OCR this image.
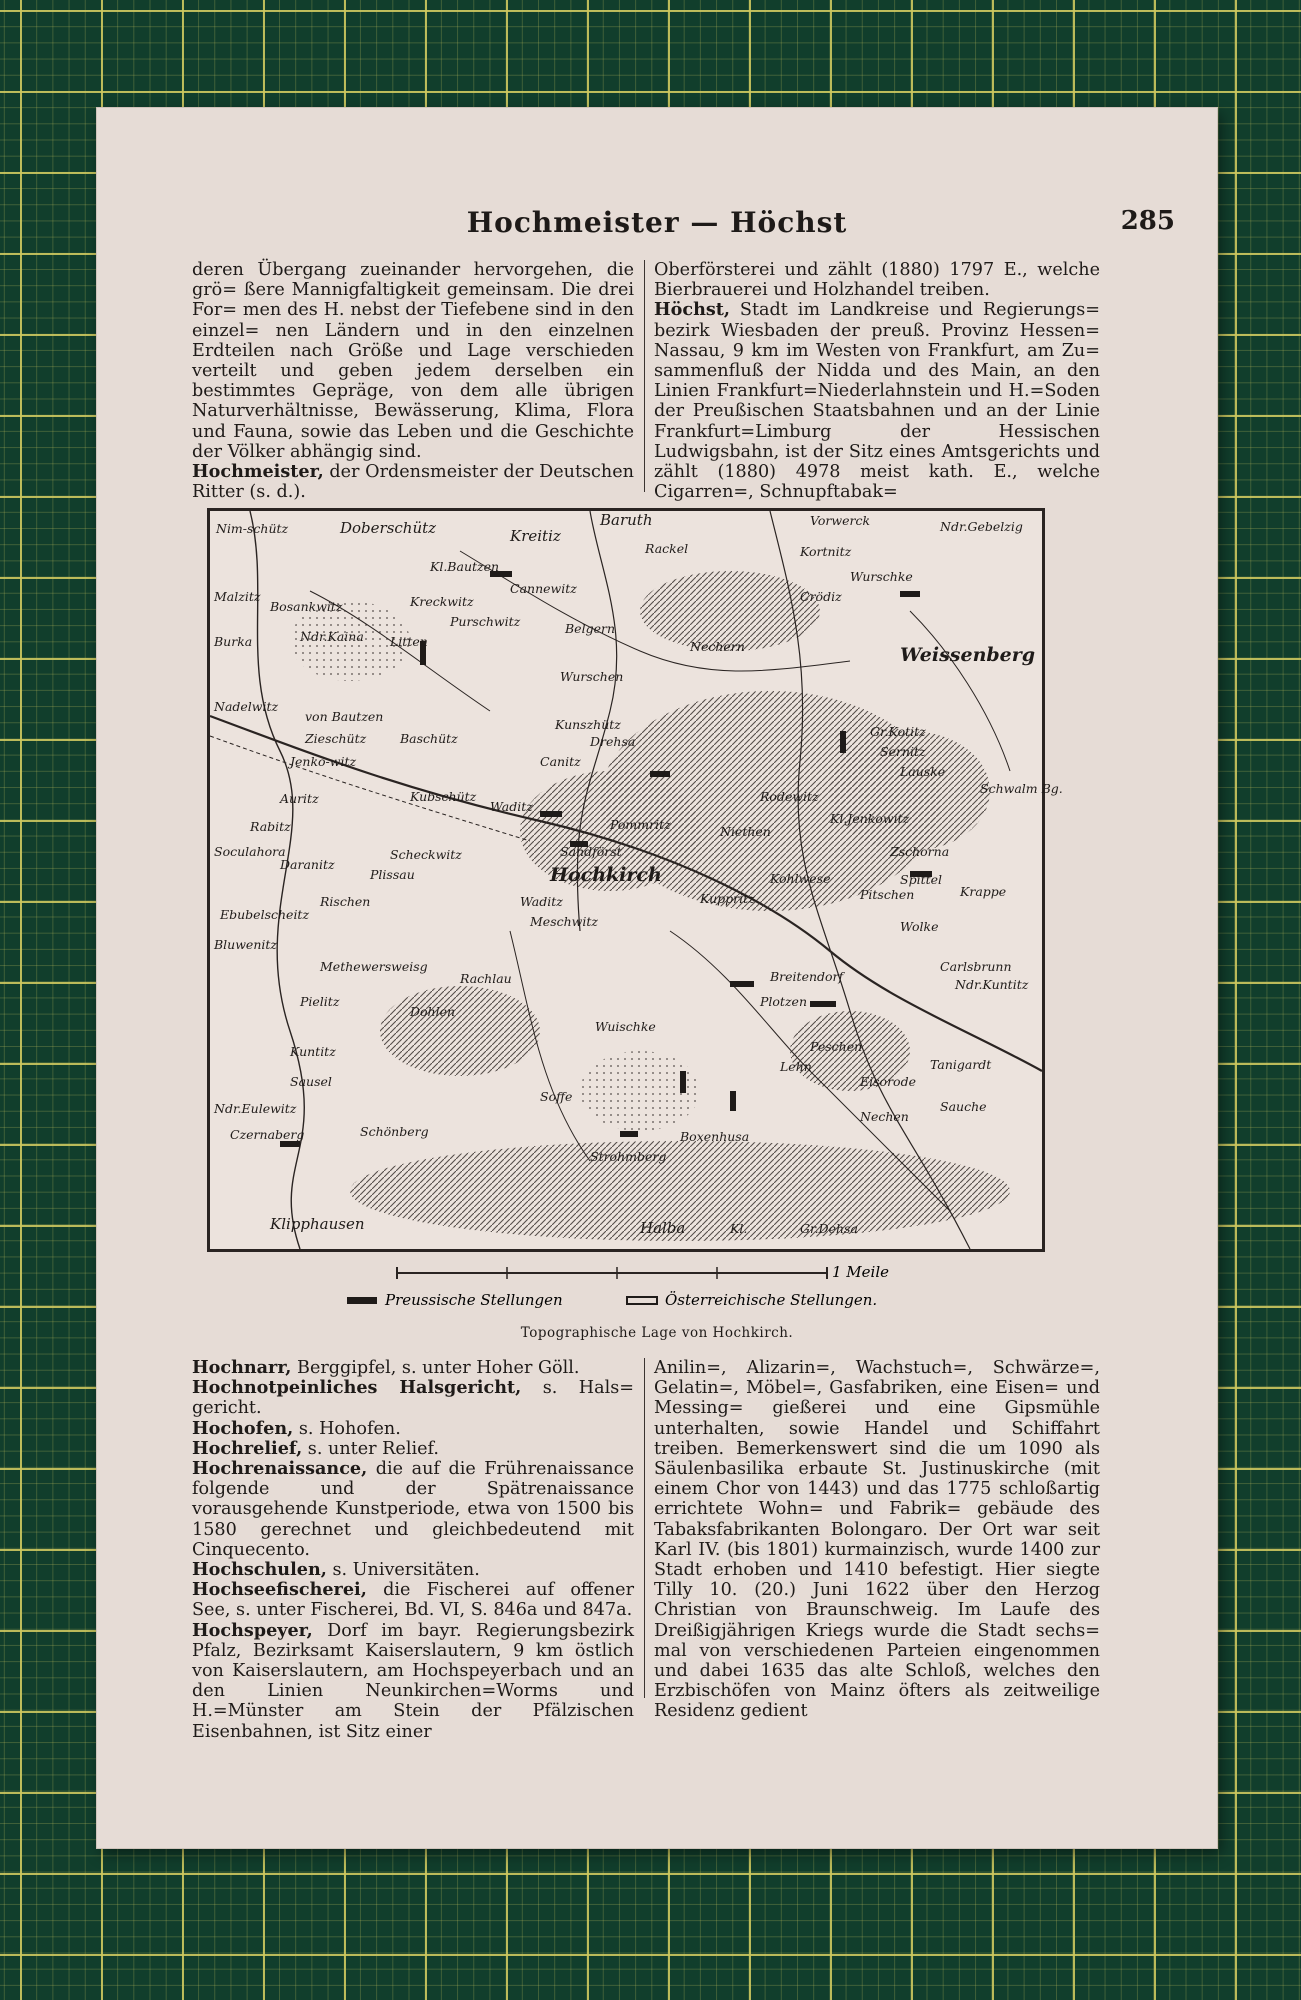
Hochmeister — Höchst	285

deren Übergang zueinander hervorgehen, die grö= ßere Mannigfaltigkeit gemeinsam. Die drei For= men des H. nebst der Tiefebene sind in den einzel= nen Ländern und in den einzelnen Erdteilen nach Größe und Lage verschieden verteilt und geben jedem derselben ein bestimmtes Gepräge, von dem alle übrigen Naturverhältnisse, Bewässerung, Klima, Flora und Fauna, sowie das Leben und die Geschichte der Völker abhängig sind.

Hochmeister, der Ordensmeister der Deutschen Ritter (s. d.).

Oberförsterei und zählt (1880) 1797 E., welche Bierbrauerei und Holzhandel treiben.

Höchst, Stadt im Landkreise und Regierungs= bezirk Wiesbaden der preuß. Provinz Hessen= Nassau, 9 km im Westen von Frankfurt, am Zu= sammenfluß der Nidda und des Main, an den Linien Frankfurt=Niederlahnstein und H.=Soden der Preußischen Staatsbahnen und an der Linie Frankfurt=Limburg der Hessischen Ludwigsbahn, ist der Sitz eines Amtsgerichts und zählt (1880) 4978 meist kath. E., welche Cigarren=, Schnupftabak=

Nim-schütz	Doberschütz	Kreitiz
Baruth	Vorwerck	Ndr.Gebelzig
Kl.Bautzen
Rackel	Kortnitz
Kreckwitz
Cannewitz
Wurschke
Malzitz
Bosankwitz
Purschwitz
Crödiz
Burka	Ndr.Kaina Litten
Belgern
Nechern	Weissenberg
Wurschen
Nadelwitz
von Bautzen
Kunszhütz
Drehsa
Gr.Kotitz
Zieschütz	Baschütz
Jenko-witz	Canitz
Sernitz
Lauske
Auritz	Kubschütz
Waditz
Rodewitz
Rabitz	Pommritz	Kl.Jenkowitz
Soculahora
Daranitz
Scheckwitz	Sandförst
Niethen
Zschorna
Plissau	Hochkirch	Spittel
Kuppritz	Krappe
Rischen
Kohlwese
Pitschen
Meschwitz
Ebubelscheitz
Waditz
Wolke
Bluwenitz
Methewersweisg
Rachlau	Breitendorf
Pielitz
Carlsbrunn
Ndr.Kuntitz
Dohlen
Plotzen
Wuischke
Peschen
Kuntitz
Lehn	Tanigardt
Eisorode
Sausel
Sauche
Ndr.Eulewitz
Czernaberg
Soffe
Schönberg
Nechen
Klipphausen	Halba	Kl.	Gr.Dehsa
Strohmberg
Boxenhusa
Schwalm Bg.
1 Meile
Preussische Stellungen	Österreichische Stellungen.
Topographische Lage von Hochkirch.

Hochnarr, Berggipfel, s. unter Hoher Göll.

Hochnotpeinliches Halsgericht, s. Hals= gericht.

Hochofen, s. Hohofen.

Hochrelief, s. unter Relief.

Hochrenaissance, die auf die Frührenaissance folgende und der Spätrenaissance vorausgehende Kunstperiode, etwa von 1500 bis 1580 gerechnet und gleichbedeutend mit Cinquecento.

Hochschulen, s. Universitäten.

Hochseefischerei, die Fischerei auf offener See, s. unter Fischerei, Bd. VI, S. 846a und 847a.

Hochspeyer, Dorf im bayr. Regierungsbezirk Pfalz, Bezirksamt Kaiserslautern, 9 km östlich von Kaiserslautern, am Hochspeyerbach und an den Linien Neunkirchen=Worms und H.=Münster am Stein der Pfälzischen Eisenbahnen, ist Sitz einer

Anilin=, Alizarin=, Wachstuch=, Schwärze=, Gelatin=, Möbel=, Gasfabriken, eine Eisen= und Messing= gießerei und eine Gipsmühle unterhalten, sowie Handel und Schiffahrt treiben. Bemerkenswert sind die um 1090 als Säulenbasilika erbaute St. Justinuskirche (mit einem Chor von 1443) und das 1775 schloßartig errichtete Wohn= und Fabrik= gebäude des Tabaksfabrikanten Bolongaro. Der Ort war seit Karl IV. (bis 1801) kurmainzisch, wurde 1400 zur Stadt erhoben und 1410 befestigt. Hier siegte Tilly 10. (20.) Juni 1622 über den Herzog Christian von Braunschweig. Im Laufe des Dreißigjährigen Kriegs wurde die Stadt sechs= mal von verschiedenen Parteien eingenommen und dabei 1635 das alte Schloß, welches den Erzbischöfen von Mainz öfters als zeitweilige Residenz gedient
